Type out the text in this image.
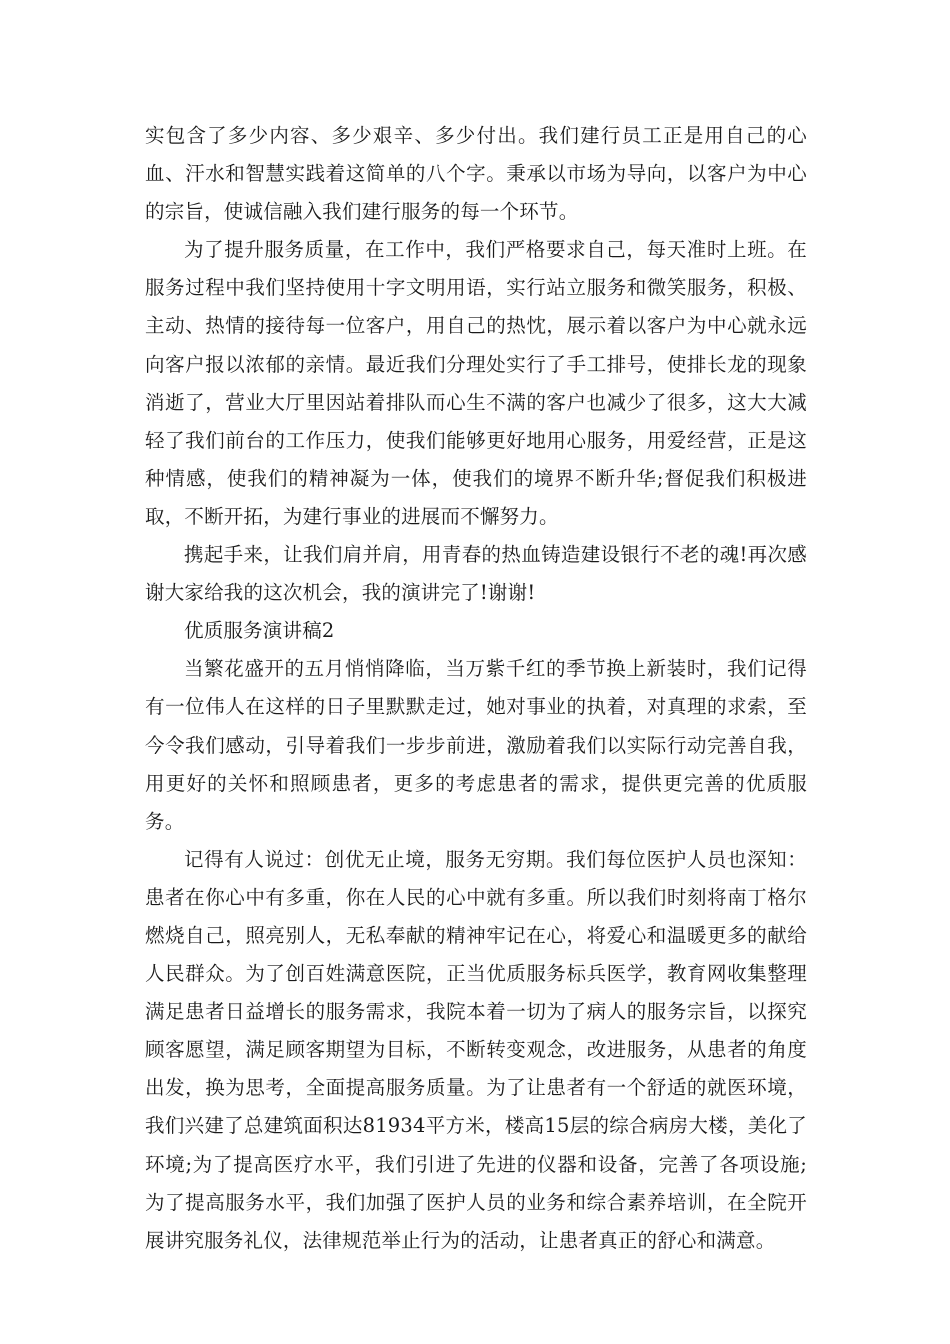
实包含了多少内容、多少艰辛、多少付出。我们建行员工正是用自己的心血、汗水和智慧实践着这简单的八个字。秉承以市场为导向，以客户为中心的宗旨，使诚信融入我们建行服务的每一个环节。

为了提升服务质量，在工作中，我们严格要求自己，每天准时上班。在服务过程中我们坚持使用十字文明用语，实行站立服务和微笑服务，积极、主动、热情的接待每一位客户，用自己的热忱，展示着以客户为中心就永远向客户报以浓郁的亲情。最近我们分理处实行了手工排号，使排长龙的现象消逝了，营业大厅里因站着排队而心生不满的客户也减少了很多，这大大减轻了我们前台的工作压力，使我们能够更好地用心服务，用爱经营，正是这种情感，使我们的精神凝为一体，使我们的境界不断升华;督促我们积极进取，不断开拓，为建行事业的进展而不懈努力。

携起手来，让我们肩并肩，用青春的热血铸造建设银行不老的魂!再次感谢大家给我的这次机会，我的演讲完了!谢谢!

优质服务演讲稿2

当繁花盛开的五月悄悄降临，当万紫千红的季节换上新装时，我们记得有一位伟人在这样的日子里默默走过，她对事业的执着，对真理的求索，至今令我们感动，引导着我们一步步前进，激励着我们以实际行动完善自我，用更好的关怀和照顾患者，更多的考虑患者的需求，提供更完善的优质服务。

记得有人说过：创优无止境，服务无穷期。我们每位医护人员也深知：患者在你心中有多重，你在人民的心中就有多重。所以我们时刻将南丁格尔燃烧自己，照亮别人，无私奉献的精神牢记在心，将爱心和温暖更多的献给人民群众。为了创百姓满意医院，正当优质服务标兵医学，教育网收集整理满足患者日益增长的服务需求，我院本着一切为了病人的服务宗旨，以探究顾客愿望，满足顾客期望为目标，不断转变观念，改进服务，从患者的角度出发，换为思考，全面提高服务质量。为了让患者有一个舒适的就医环境，我们兴建了总建筑面积达81934平方米，楼高15层的综合病房大楼，美化了环境;为了提高医疗水平，我们引进了先进的仪器和设备，完善了各项设施;为了提高服务水平，我们加强了医护人员的业务和综合素养培训，在全院开展讲究服务礼仪，法律规范举止行为的活动，让患者真正的舒心和满意。
